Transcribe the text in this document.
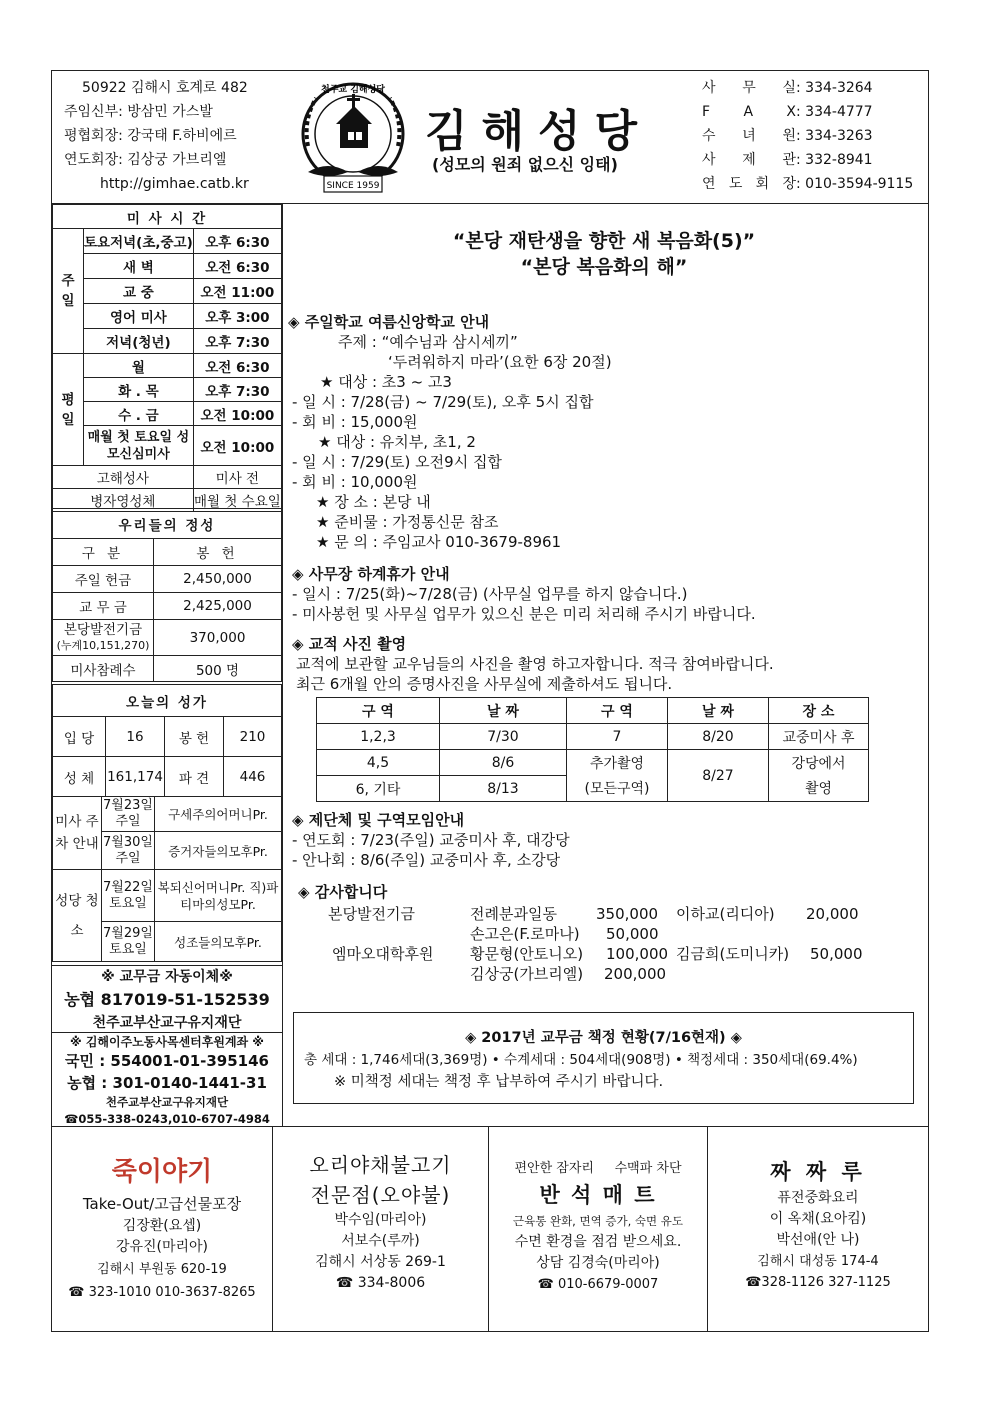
50922 김해시 호계로 482
주임신부: 방삼민 가스발
평협회장: 강국태 F.하비에르
연도회장: 김상궁 가브리엘
http://gimhae.catb.kr	SINCE 1959
천주교 김해성당
김해성당
(성모의 원죄 없으신 잉태)
사 무 실 : 334-3264
F A X : 334-4777
수 녀 원 : 334-3263
사 제 관 : 332-8941
연 도 회 장 : 010-3594-9115
미 사 시 간		
주일	토요저녁(초,중고)	오후 6:30
	새 벽	오전 6:30
	교 중	오전 11:00
	영어 미사	오후 3:00
	저녁(청년)	오후 7:30
평일	월	오전 6:30
	화 . 목	오후 7:30
	수 . 금	오전 10:00
	매월 첫 토요일 성모신심미사	오전 10:00
고해성사		미사 전
병자영성체		매월 첫 수요일
우리들의 정성	
구 분	봉 헌
주일 헌금	2,450,000
교 무 금	2,425,000

본당발전기금
(누계10,151,270)	370,000
미사참례수	500 명
오늘의 성가			
입 당	16	봉 헌	210
성 체	161,174	파 견	446
미사 주차 안내	7월23일 주일	구세주의어머니Pr.
	7월30일 주일	증거자들의모후Pr.
성당 청소	7월22일 토요일	복되신어머니Pr. 직)파티마의성모Pr.
	7월29일 토요일	성조들의모후Pr.
※ 교무금 자동이체※
농협 817019-51-152539
천주교부산교구유지재단
※ 김해이주노동사목센터후원계좌 ※
국민 : 554001-01-395146
농협 : 301-0140-1441-31
천주교부산교구유지재단
☎055-338-0243,010-6707-4984
“본당 재탄생을 향한 새 복음화(5)”
“본당 복음화의 해”
◈ 주일학교 여름신앙학교 안내
주제 : “예수님과 삼시세끼”
‘두려워하지 마라’(요한 6장 20절)
★ 대상 : 초3 ~ 고3
- 일 시 : 7/28(금) ~ 7/29(토), 오후 5시 집합
- 회 비 : 15,000원
★ 대상 : 유치부, 초1, 2
- 일 시 : 7/29(토) 오전9시 집합
- 회 비 : 10,000원
★ 장 소 : 본당 내
★ 준비물 : 가정통신문 참조
★ 문 의 : 주임교사 010-3679-8961
◈ 사무장 하계휴가 안내
- 일시 : 7/25(화)~7/28(금) (사무실 업무를 하지 않습니다.)
- 미사봉헌 및 사무실 업무가 있으신 분은 미리 처리해 주시기 바랍니다.
◈ 교적 사진 촬영
교적에 보관할 교우님들의 사진을 촬영 하고자합니다. 적극 참여바랍니다.
최근 6개월 안의 증명사진을 사무실에 제출하셔도 됩니다.
구 역	날 짜	구 역	날 짜	장 소
1,2,3	7/30	7	8/20	교중미사 후
4,5	8/6	추가촬영	8/27	강당에서
6, 기타	8/13	(모든구역)		촬영
◈ 제단체 및 구역모임안내
- 연도회 : 7/23(주일) 교중미사 후, 대강당
- 안나회 : 8/6(주일) 교중미사 후, 소강당
◈ 감사합니다
본당발전기금	전례분과일동	350,000 이하교(리디아) 20,000
손고은(F.로마나) 50,000
엠마오대학후원 황문형(안토니오) 100,000 김금희(도미니카) 50,000
김상궁(가브리엘) 200,000
◈ 2017년 교무금 책정 현황(7/16현재) ◈
총 세대 : 1,746세대(3,369명) • 수계세대 : 504세대(908명) • 책정세대 : 350세대(69.4%)
※ 미책정 세대는 책정 후 납부하여 주시기 바랍니다.
죽이야기
Take-Out/고급선물포장
김장환(요셉)
강유진(마리아)
김해시 부원동 620-19
☎ 323-1010 010-3637-8265
오리야채불고기
전문점(오야불)
박수임(마리아)
서보수(루까)
김해시 서상동 269-1
☎ 334-8006
편안한 잠자리 수맥파 차단
반 석 매 트
근육통 완화, 면역 증가, 숙면 유도
수면 환경을 점검 받으세요.
상담 김경숙(마리아)
☎ 010-6679-0007
짜 짜 루
퓨전중화요리
이 옥채(요아킴)
박선애(안 나)
김해시 대성동 174-4
☎328-1126 327-1125
